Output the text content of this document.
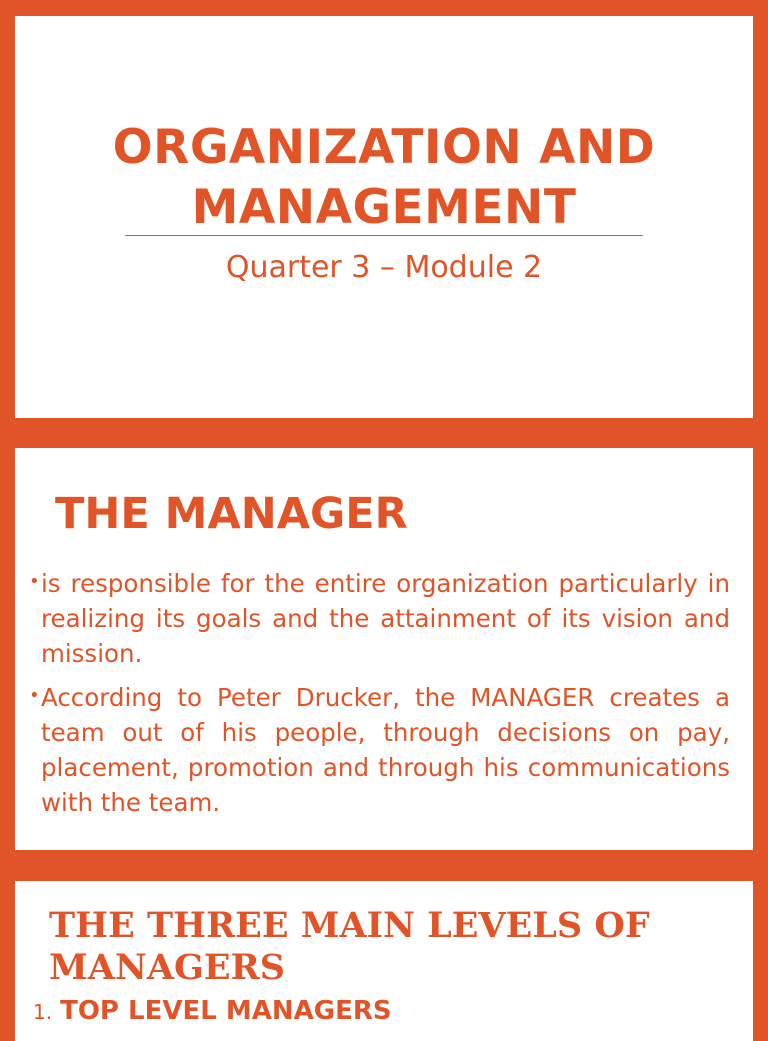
ORGANIZATION AND
MANAGEMENT
Quarter 3 – Module 2
THE MANAGER
• is responsible for the entire organization particularly in realizing its goals and the attainment of its vision and mission.
• According to Peter Drucker, the MANAGER creates a team out of his people, through decisions on pay, placement, promotion and through his communications with the team.
THE THREE MAIN LEVELS OF MANAGERS
1. TOP LEVEL MANAGERS
